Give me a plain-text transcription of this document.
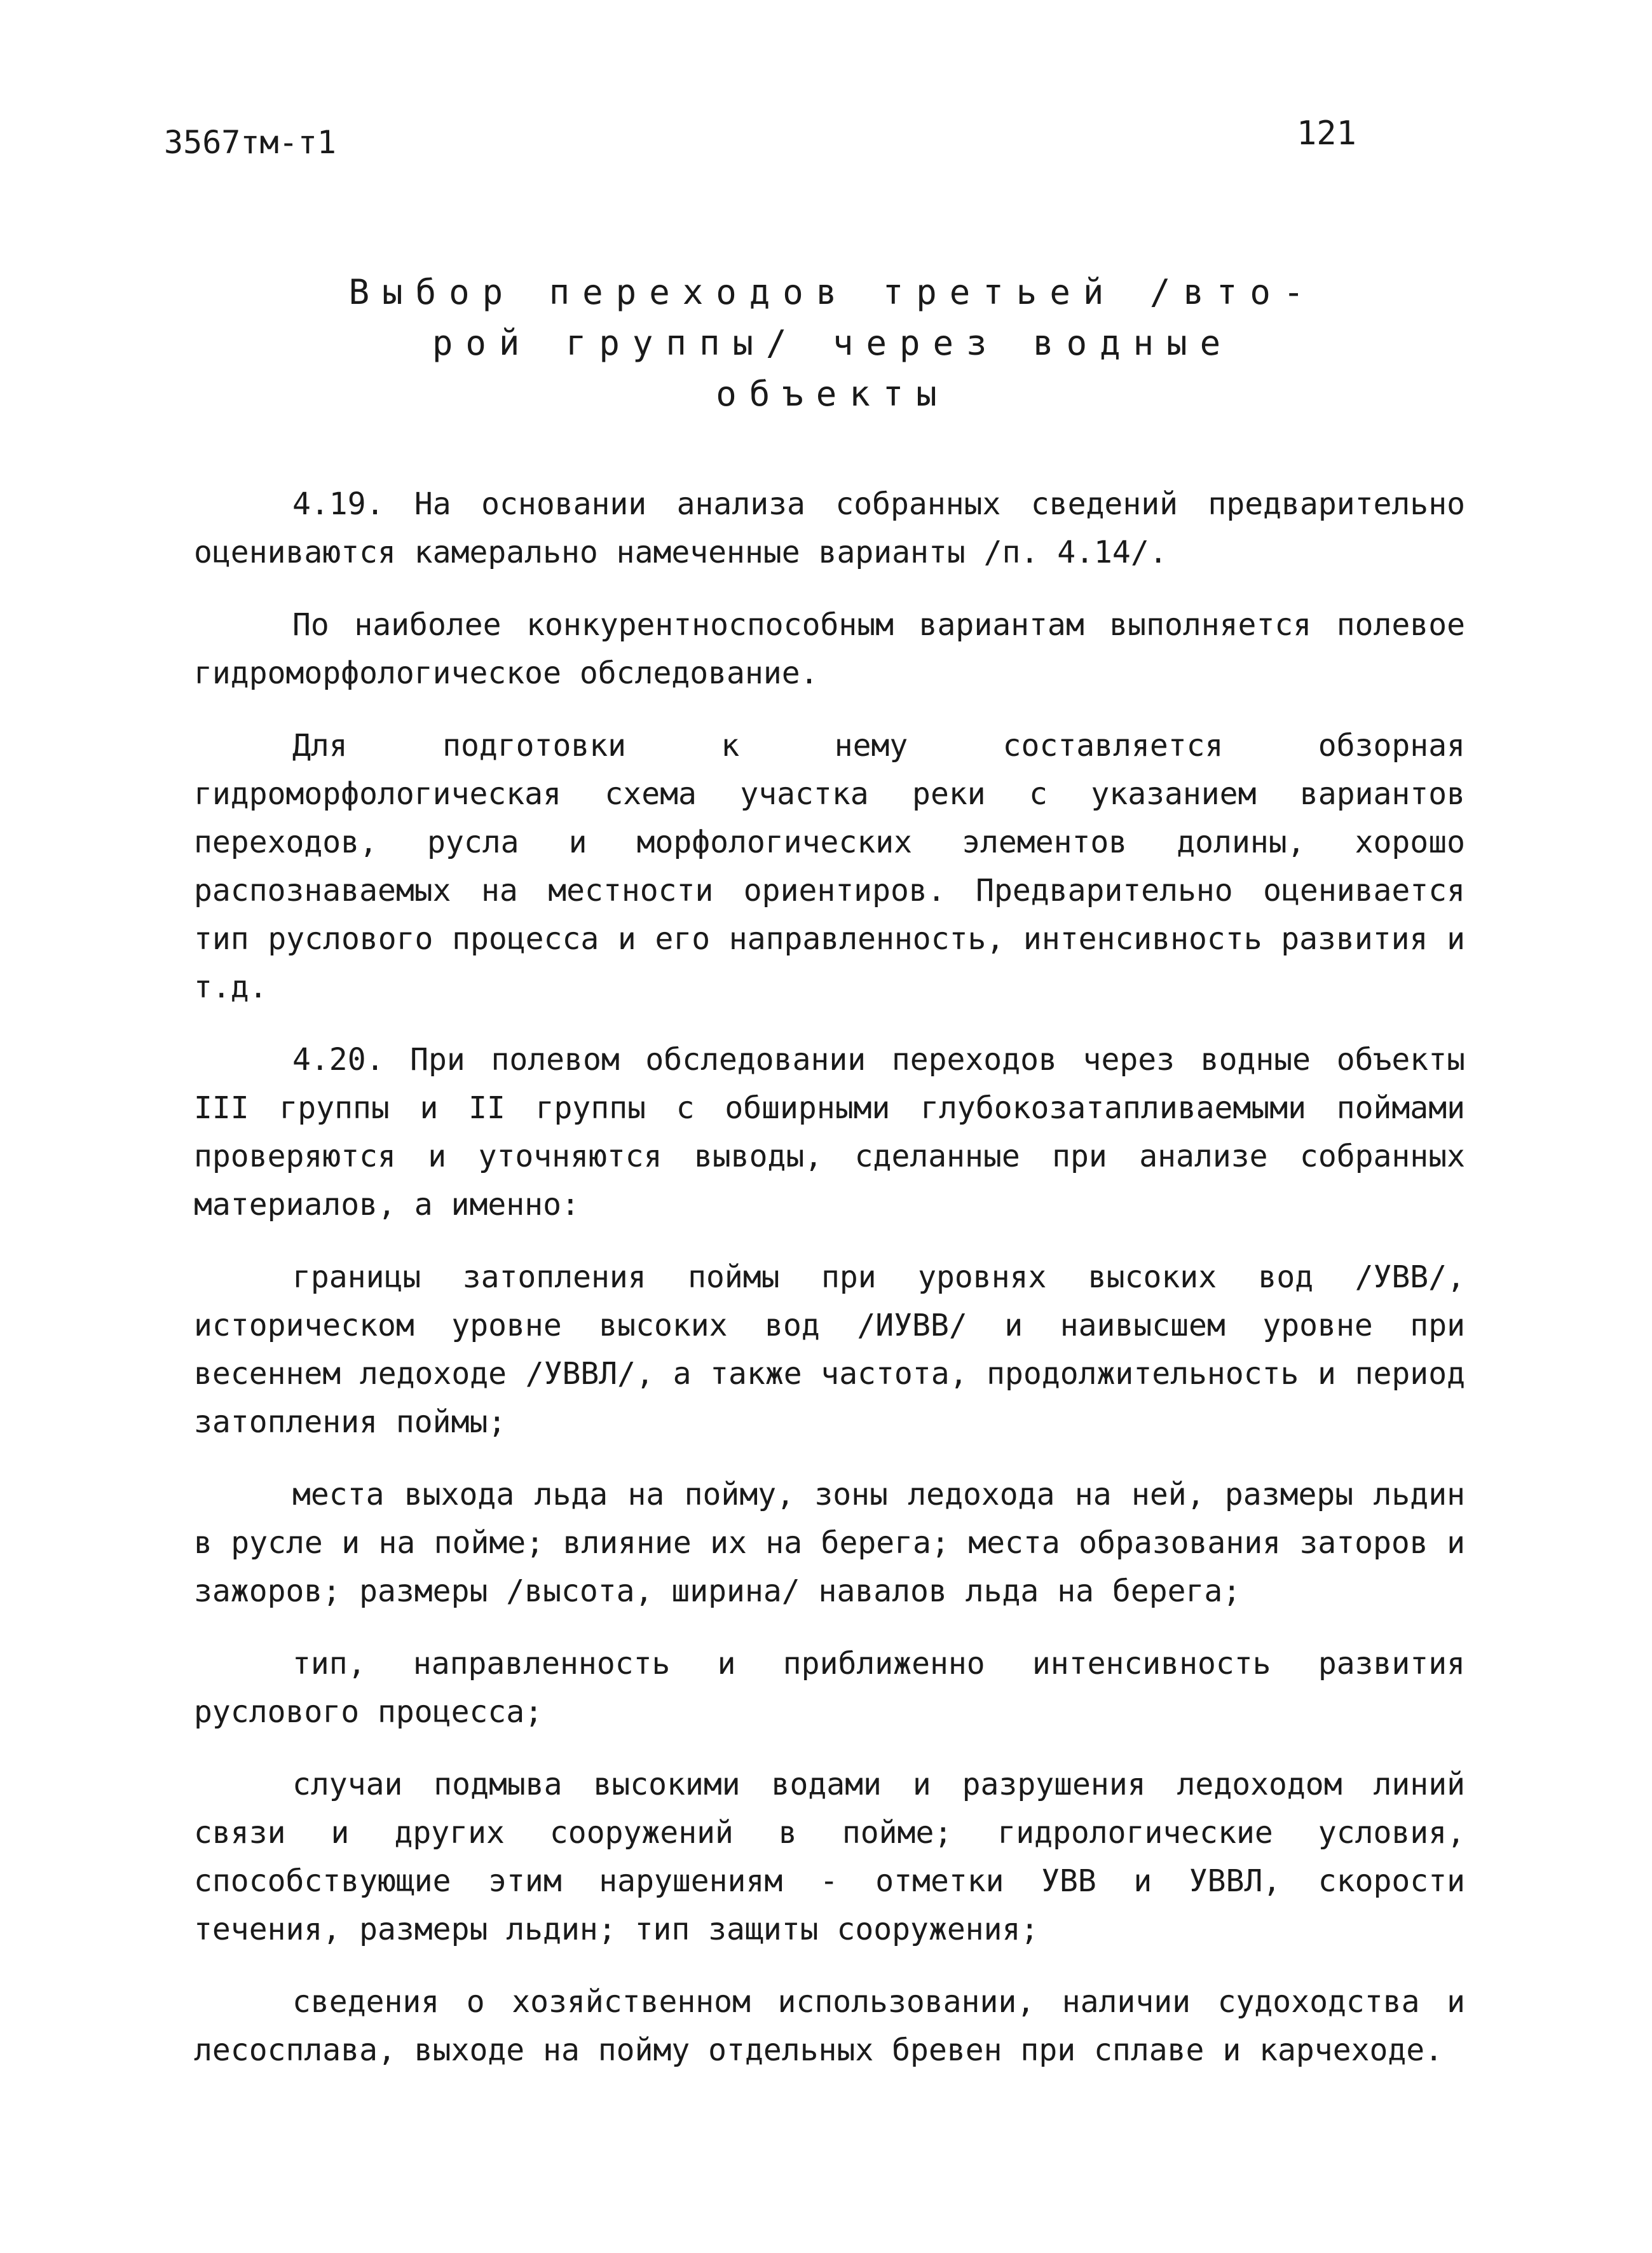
3567тм-т1	121
Выбор переходов третьей /вто-
рой группы/ через водные
объекты

4.19. На основании анализа собранных сведений предварительно оцениваются камерально намеченные варианты /п. 4.14/.

По наиболее конкурентноспособным вариантам выполняется полевое гидроморфологическое обследование.

Для подготовки к нему составляется обзорная гидроморфологическая схема участка реки с указанием вариантов переходов, русла и морфологических элементов долины, хорошо распознаваемых на местности ориентиров. Предварительно оценивается тип руслового процесса и его направленность, интенсивность развития и т.д.

4.20. При полевом обследовании переходов через водные объекты III группы и II группы с обширными глубокозатапливаемыми поймами проверяются и уточняются выводы, сделанные при анализе собранных материалов, а именно:

границы затопления поймы при уровнях высоких вод /УВВ/, историческом уровне высоких вод /ИУВВ/ и наивысшем уровне при весеннем ледоходе /УВВЛ/, а также частота, продолжительность и период затопления поймы;

места выхода льда на пойму, зоны ледохода на ней, размеры льдин в русле и на пойме; влияние их на берега; места образования заторов и зажоров; размеры /высота, ширина/ навалов льда на берега;

тип, направленность и приближенно интенсивность развития руслового процесса;

случаи подмыва высокими водами и разрушения ледоходом линий связи и других сооружений в пойме; гидрологические условия, способствующие этим нарушениям - отметки УВВ и УВВЛ, скорости течения, размеры льдин; тип защиты сооружения;

сведения о хозяйственном использовании, наличии судоходства и лесосплава, выходе на пойму отдельных бревен при сплаве и карчеходе.
